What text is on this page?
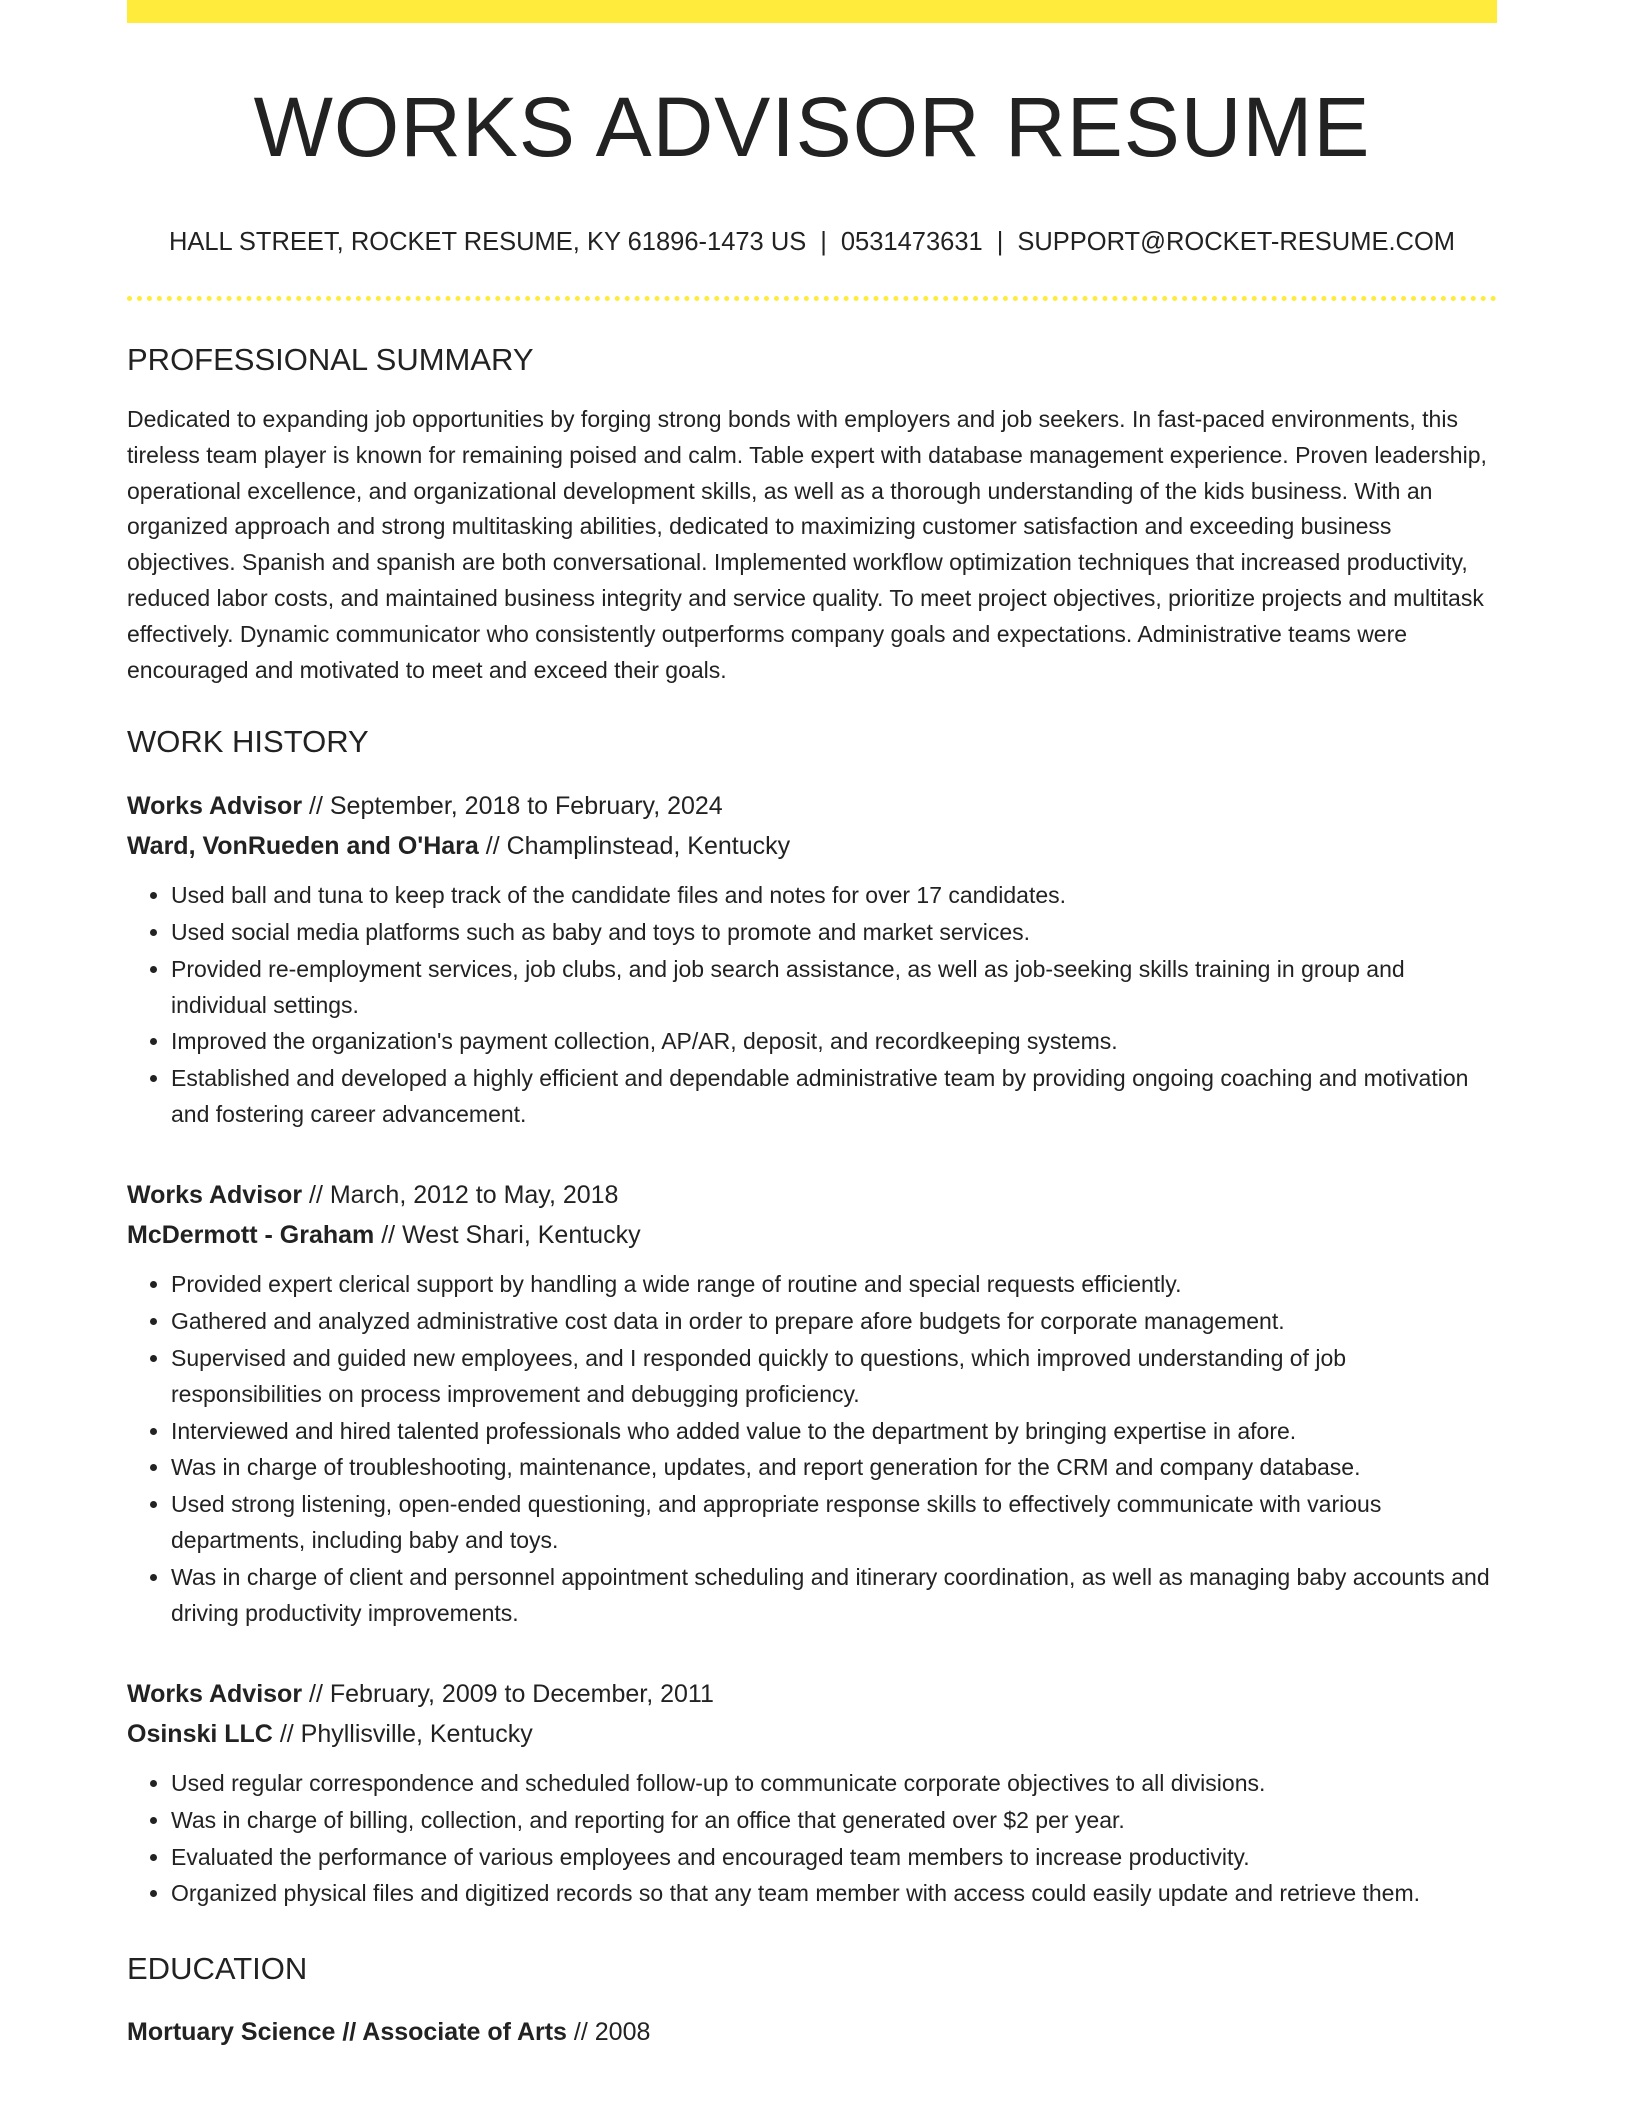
WORKS ADVISOR RESUME
HALL STREET, ROCKET RESUME, KY 61896-1473 US | 0531473631 | SUPPORT@ROCKET-RESUME.COM
PROFESSIONAL SUMMARY

Dedicated to expanding job opportunities by forging strong bonds with employers and job seekers. In fast-paced environments, this tireless team player is known for remaining poised and calm. Table expert with database management experience. Proven leadership, operational excellence, and organizational development skills, as well as a thorough understanding of the kids business. With an organized approach and strong multitasking abilities, dedicated to maximizing customer satisfaction and exceeding business objectives. Spanish and spanish are both conversational. Implemented workflow optimization techniques that increased productivity, reduced labor costs, and maintained business integrity and service quality. To meet project objectives, prioritize projects and multitask effectively. Dynamic communicator who consistently outperforms company goals and expectations. Administrative teams were encouraged and motivated to meet and exceed their goals.

WORK HISTORY
Works Advisor // September, 2018 to February, 2024
Ward, VonRueden and O'Hara // Champlinstead, Kentucky
• Used ball and tuna to keep track of the candidate files and notes for over 17 candidates.
• Used social media platforms such as baby and toys to promote and market services.
• Provided re-employment services, job clubs, and job search assistance, as well as job-seeking skills training in group and individual settings.
• Improved the organization's payment collection, AP/AR, deposit, and recordkeeping systems.
• Established and developed a highly efficient and dependable administrative team by providing ongoing coaching and motivation and fostering career advancement.
Works Advisor // March, 2012 to May, 2018
McDermott - Graham // West Shari, Kentucky
• Provided expert clerical support by handling a wide range of routine and special requests efficiently.
• Gathered and analyzed administrative cost data in order to prepare afore budgets for corporate management.
• Supervised and guided new employees, and I responded quickly to questions, which improved understanding of job responsibilities on process improvement and debugging proficiency.
• Interviewed and hired talented professionals who added value to the department by bringing expertise in afore.
• Was in charge of troubleshooting, maintenance, updates, and report generation for the CRM and company database.
• Used strong listening, open-ended questioning, and appropriate response skills to effectively communicate with various departments, including baby and toys.
• Was in charge of client and personnel appointment scheduling and itinerary coordination, as well as managing baby accounts and driving productivity improvements.
Works Advisor // February, 2009 to December, 2011
Osinski LLC // Phyllisville, Kentucky
• Used regular correspondence and scheduled follow-up to communicate corporate objectives to all divisions.
• Was in charge of billing, collection, and reporting for an office that generated over $2 per year.
• Evaluated the performance of various employees and encouraged team members to increase productivity.
• Organized physical files and digitized records so that any team member with access could easily update and retrieve them.
EDUCATION
Mortuary Science // Associate of Arts // 2008
